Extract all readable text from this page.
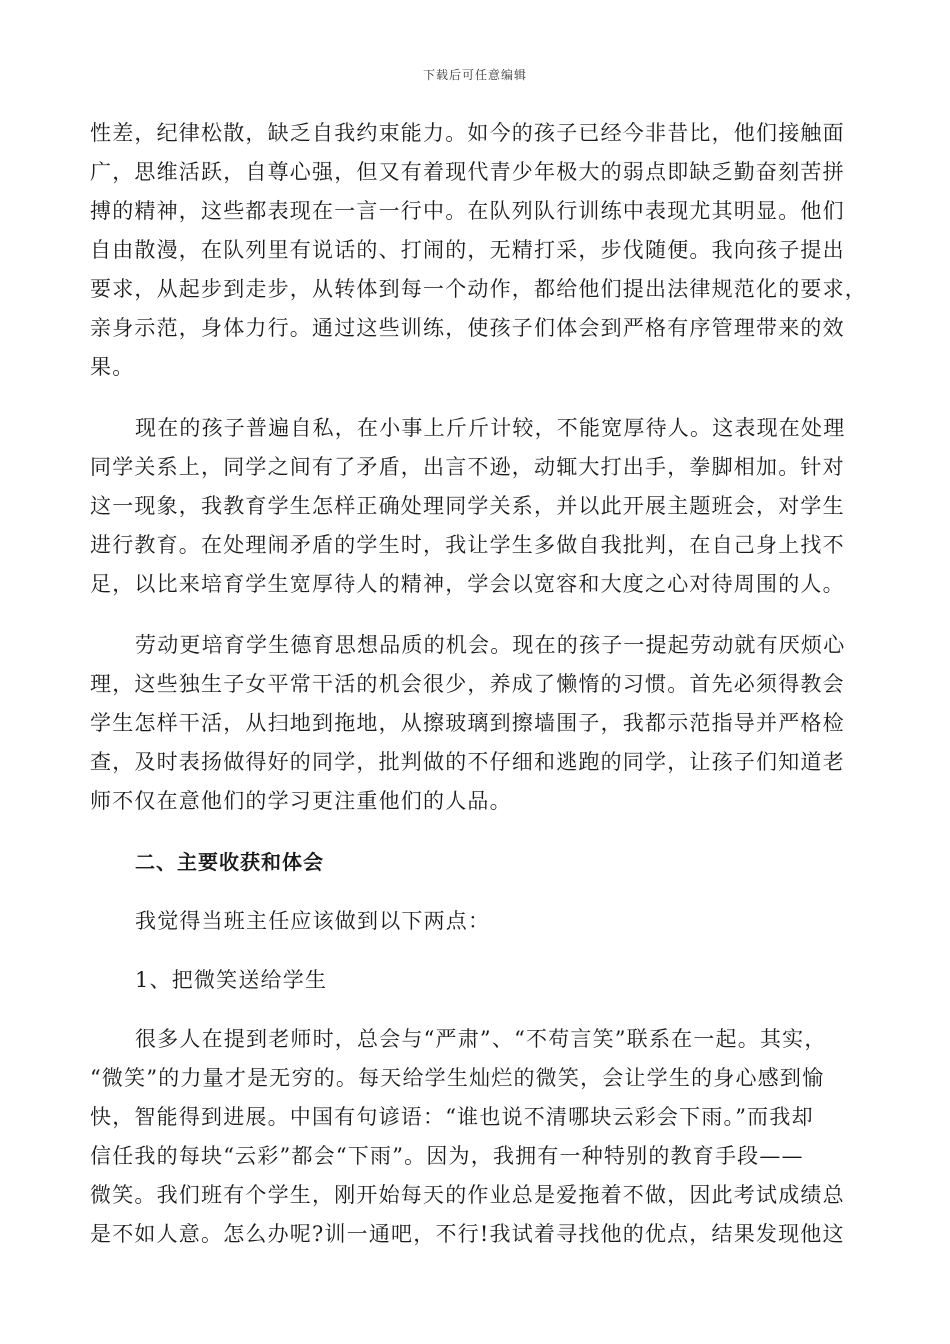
下载后可任意编辑
性差，纪律松散，缺乏自我约束能力。如今的孩子已经今非昔比，他们接触面
广，思维活跃，自尊心强，但又有着现代青少年极大的弱点即缺乏勤奋刻苦拼
搏的精神，这些都表现在一言一行中。在队列队行训练中表现尤其明显。他们
自由散漫，在队列里有说话的、打闹的，无精打采，步伐随便。我向孩子提出
要求，从起步到走步，从转体到每一个动作，都给他们提出法律规范化的要求，
亲身示范，身体力行。通过这些训练，使孩子们体会到严格有序管理带来的效
果。
现在的孩子普遍自私，在小事上斤斤计较，不能宽厚待人。这表现在处理
同学关系上，同学之间有了矛盾，出言不逊，动辄大打出手，拳脚相加。针对
这一现象，我教育学生怎样正确处理同学关系，并以此开展主题班会，对学生
进行教育。在处理闹矛盾的学生时，我让学生多做自我批判，在自己身上找不
足，以比来培育学生宽厚待人的精神，学会以宽容和大度之心对待周围的人。
劳动更培育学生德育思想品质的机会。现在的孩子一提起劳动就有厌烦心
理，这些独生子女平常干活的机会很少，养成了懒惰的习惯。首先必须得教会
学生怎样干活，从扫地到拖地，从擦玻璃到擦墙围子，我都示范指导并严格检
查，及时表扬做得好的同学，批判做的不仔细和逃跑的同学，让孩子们知道老
师不仅在意他们的学习更注重他们的人品。
二、主要收获和体会
我觉得当班主任应该做到以下两点：
1、把微笑送给学生
很多人在提到老师时，总会与“严肃”、“不苟言笑”联系在一起。其实，
“微笑”的力量才是无穷的。每天给学生灿烂的微笑，会让学生的身心感到愉
快，智能得到进展。中国有句谚语：“谁也说不清哪块云彩会下雨。”而我却
信任我的每块“云彩”都会“下雨”。因为，我拥有一种特别的教育手段——
微笑。我们班有个学生，刚开始每天的作业总是爱拖着不做，因此考试成绩总
是不如人意。怎么办呢?训一通吧，不行!我试着寻找他的优点，结果发现他这
